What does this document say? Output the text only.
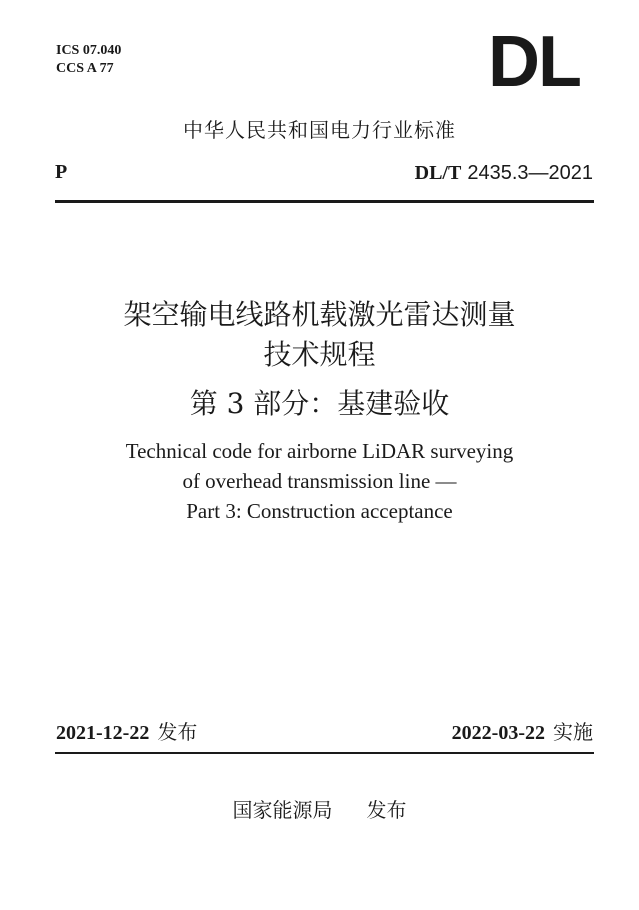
ICS 07.040
CCS A 77	DL
中华人民共和国电力行业标准
P	DL/T 2435.3—2021
架空输电线路机载激光雷达测量
技术规程
第 3 部分：基建验收
Technical code for airborne LiDAR surveying
of overhead transmission line —
Part 3: Construction acceptance
2021-12-22 发布	2022-03-22 实施
国家能源局 发布
